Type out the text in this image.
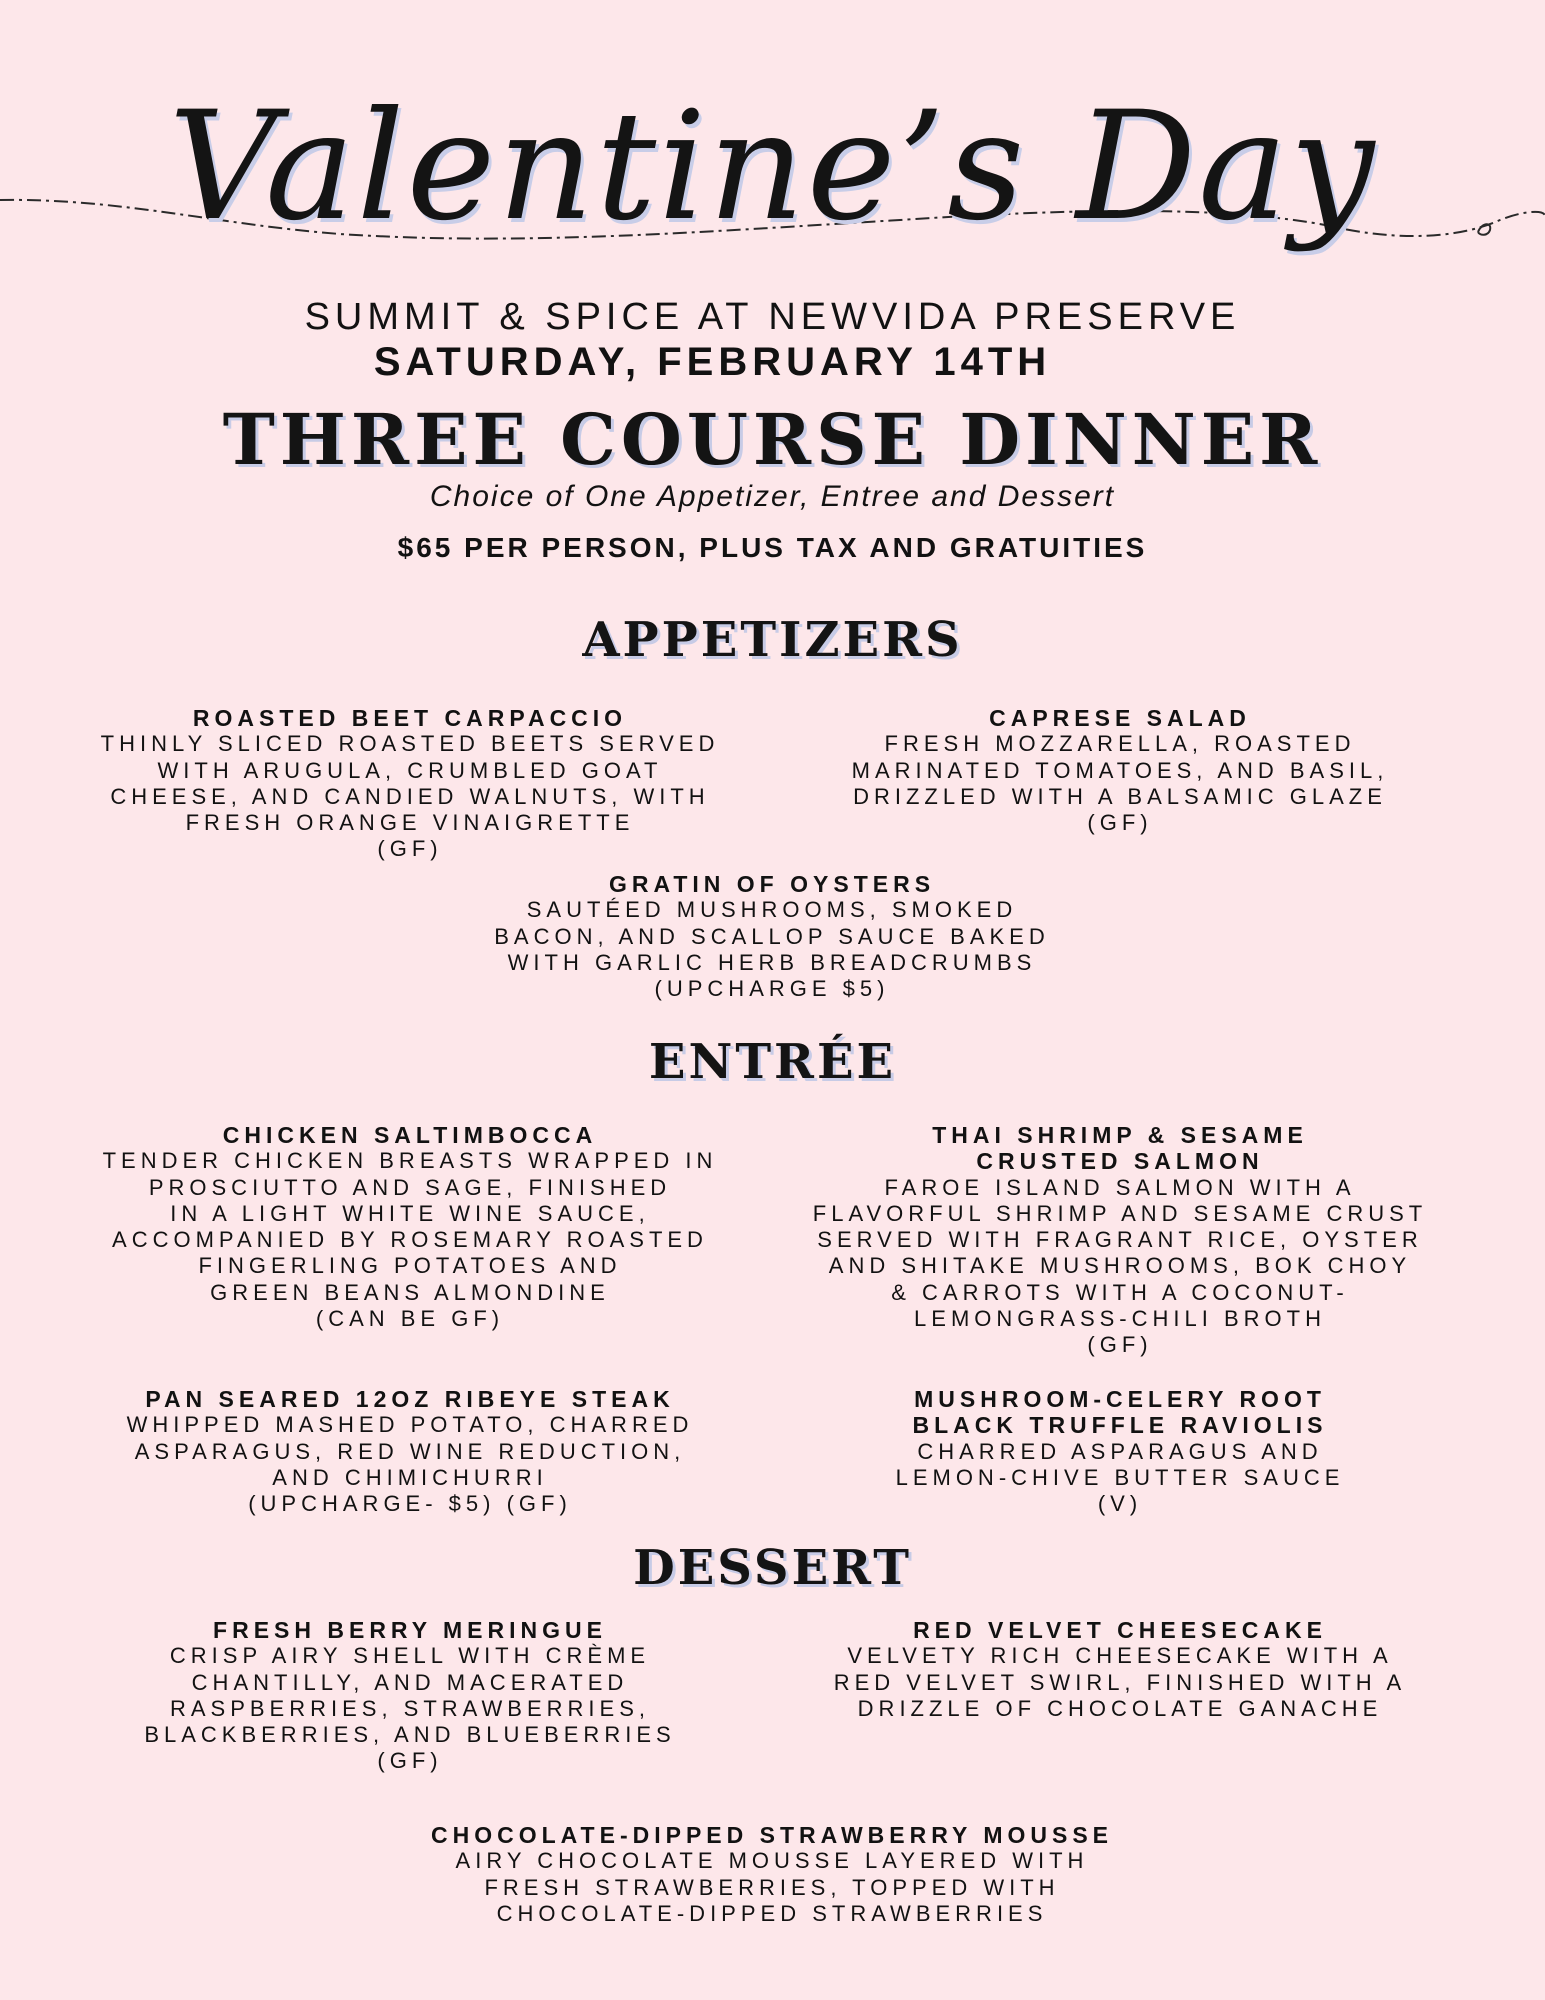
Valentine’s Day
SUMMIT & SPICE AT NEWVIDA PRESERVE
SATURDAY, FEBRUARY 14TH
THREE COURSE DINNER
Choice of One Appetizer, Entree and Dessert
$65 PER PERSON, PLUS TAX AND GRATUITIES
APPETIZERS
ROASTED BEET CARPACCIO
THINLY SLICED ROASTED BEETS SERVED
WITH ARUGULA, CRUMBLED GOAT
CHEESE, AND CANDIED WALNUTS, WITH
FRESH ORANGE VINAIGRETTE
(GF)
CAPRESE SALAD
FRESH MOZZARELLA, ROASTED
MARINATED TOMATOES, AND BASIL,
DRIZZLED WITH A BALSAMIC GLAZE
(GF)
GRATIN OF OYSTERS
SAUTÉED MUSHROOMS, SMOKED
BACON, AND SCALLOP SAUCE BAKED
WITH GARLIC HERB BREADCRUMBS
(UPCHARGE $5)
ENTRÉE
CHICKEN SALTIMBOCCA
TENDER CHICKEN BREASTS WRAPPED IN
PROSCIUTTO AND SAGE, FINISHED
IN A LIGHT WHITE WINE SAUCE,
ACCOMPANIED BY ROSEMARY ROASTED
FINGERLING POTATOES AND
GREEN BEANS ALMONDINE
(CAN BE GF)
THAI SHRIMP & SESAME
CRUSTED SALMON
FAROE ISLAND SALMON WITH A
FLAVORFUL SHRIMP AND SESAME CRUST
SERVED WITH FRAGRANT RICE, OYSTER
AND SHITAKE MUSHROOMS, BOK CHOY
& CARROTS WITH A COCONUT-
LEMONGRASS-CHILI BROTH
(GF)
PAN SEARED 12OZ RIBEYE STEAK
WHIPPED MASHED POTATO, CHARRED
ASPARAGUS, RED WINE REDUCTION,
AND CHIMICHURRI
(UPCHARGE- $5) (GF)
MUSHROOM-CELERY ROOT
BLACK TRUFFLE RAVIOLIS
CHARRED ASPARAGUS AND
LEMON-CHIVE BUTTER SAUCE
(V)
DESSERT
FRESH BERRY MERINGUE
CRISP AIRY SHELL WITH CRÈME
CHANTILLY, AND MACERATED
RASPBERRIES, STRAWBERRIES,
BLACKBERRIES, AND BLUEBERRIES
(GF)
RED VELVET CHEESECAKE
VELVETY RICH CHEESECAKE WITH A
RED VELVET SWIRL, FINISHED WITH A
DRIZZLE OF CHOCOLATE GANACHE
CHOCOLATE-DIPPED STRAWBERRY MOUSSE
AIRY CHOCOLATE MOUSSE LAYERED WITH
FRESH STRAWBERRIES, TOPPED WITH
CHOCOLATE-DIPPED STRAWBERRIES
